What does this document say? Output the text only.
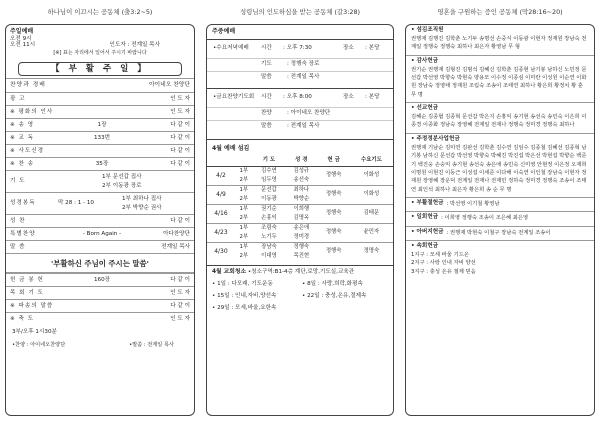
하나님이 이끄시는 공동체 (출3:2~5)	성령님의 인도하심을 받는 공동체 (갈3:28)	영혼을 구원하는 증인 공동체 (막28:16~20)
주일예배
오전 9시
오전 11시	인도자 : 전계일 목사
[※] 표는 자리에서 일어서 주시기 바랍니다
【 부 활 주 일 】
찬양과 경배	아이네오 찬양단
광 고	인 도 자
※ 평화의 인사	인 도 자
※ 송 영	1장	다 같 이
※ 교 독	133번	다 같 이
※ 사도신경	다 같 이
※ 찬 송	35장	다 같 이
기 도
1부 문선갑 집사
2부 이동광 장로
성경봉독	막 28 : 1 - 10
1부 최하나 집사
2부 박향순 권사
성 찬	다 같 이
특별찬양	- Born Again -	아다찬양단
말 씀	전계일 목사
'부활하신 주님이 주시는 말씀'
헌 금 봉 헌	160장	다 같 이
목 회 기 도	인 도 자
※ 파송의 말씀	다 같 이
※ 축 도	인 도 자
3부/오후 1시30분
•찬양 : 아이네오찬양단	•말씀 : 전계일 목사
주중예배
•수요저녁예배	시간	: 오후 7:30	장소	: 본당
기도	: 정행숙 장로
말씀	: 전계일 목사
•금요찬양기도회	시간	: 오후 8:00	장소	: 본당
찬양	: 아이네오 찬양단
말씀	: 전계일 목사
4월 예배 섬김
		기 도	성 경	헌 금	수요기도
4/2	1부	김수연	김성규	정행숙	이화성
	2부	임두영	송선숙		
4/9	1부	문선갑	최하나	정행숙	이화성
	2부	이동광	박향순		
4/16	1부	권기순	이희행	정행숙	김태문
	2부	손홍익	김명옥		
4/23	1부	조림숙	송은애	정행숙	윤민자
	2부	노기두	정미경		
4/30	1부	장남숙	정행숙	정행숙	정명숙
	2부	이대영	목진현		
4월 교회청소 •청소구역:B1-4층 계단,로망,기도실,교육관
• 1일 : 다모래, 기도운동	• 8일 : 사랑,희락,화평속
• 15일 : 인내,자비,양선속	• 22일 : 충성,온유,절제속
• 29일 : 모세,바울,요한속
• 섬김조직원
권행재 김행진 김학춘 노기두 송명선 손중식 이동광 이현자 정재원 장남숙 전계일 정행숙 정행숙 최하나 최은자 황영남 무 형
• 감사헌금
권기순 권행재 김형진 김범석 김혜신 김학춘 김종현 남기봉 남하신 노민정 문선갑 박선영 박향숙 박현숙 양용모 이수정 이종심 이미란 이성원 이순연 이화원 장남숙 정영태 정재원 조림숙 조송이 조태연 최하나 황은희 황정치 황 훈 무 명
• 선교헌금
김혜순 김종협 김종혁 문선갑 박은지 손홍익 송기현 송선숙 송민숙 이은희 이종경 이종화 정남숙 장영혜 전계일 전재나 정행숙 정미경 정행숙 최하나
• 주정정분사업헌금
권행재 기남순 김미연 김판선 김학춘 김수연 김임수 김종철 김혜선 김종혁 남기봉 남하신 문선갑 박선영 박향숙 박혜진 박진섭 박은선 박현섭 박향순 백준기 백진웅 손숭익 송기현 송선숙 송은애 송민숙 신미영 안현정 이은정 오재희 이명원 이현진 이동근 이성섭 이세준 이다해 이숙연 이인철 장남숙 이현자 정재원 장영혜 장운덕 전계일 전재나 전재민 정하숙 정미경 정행숙 조송이 조태연 최인석 최하나 최은자 황은희 송 순 무 명
• 부활절헌금 : 박선영 이기철 황영남
• 일회헌금 : 이희영 정행숙 조송이 조은혜 최은영
• 아버지헌금 : 권행재 박현숙 이철구 장남숙 전계일 조송이
• 속회헌금
1지구 : 모세 바울 기드온
2지구 : 사랑 인내 자비 양선
3지구 : 충성 온유 절제 믿음
